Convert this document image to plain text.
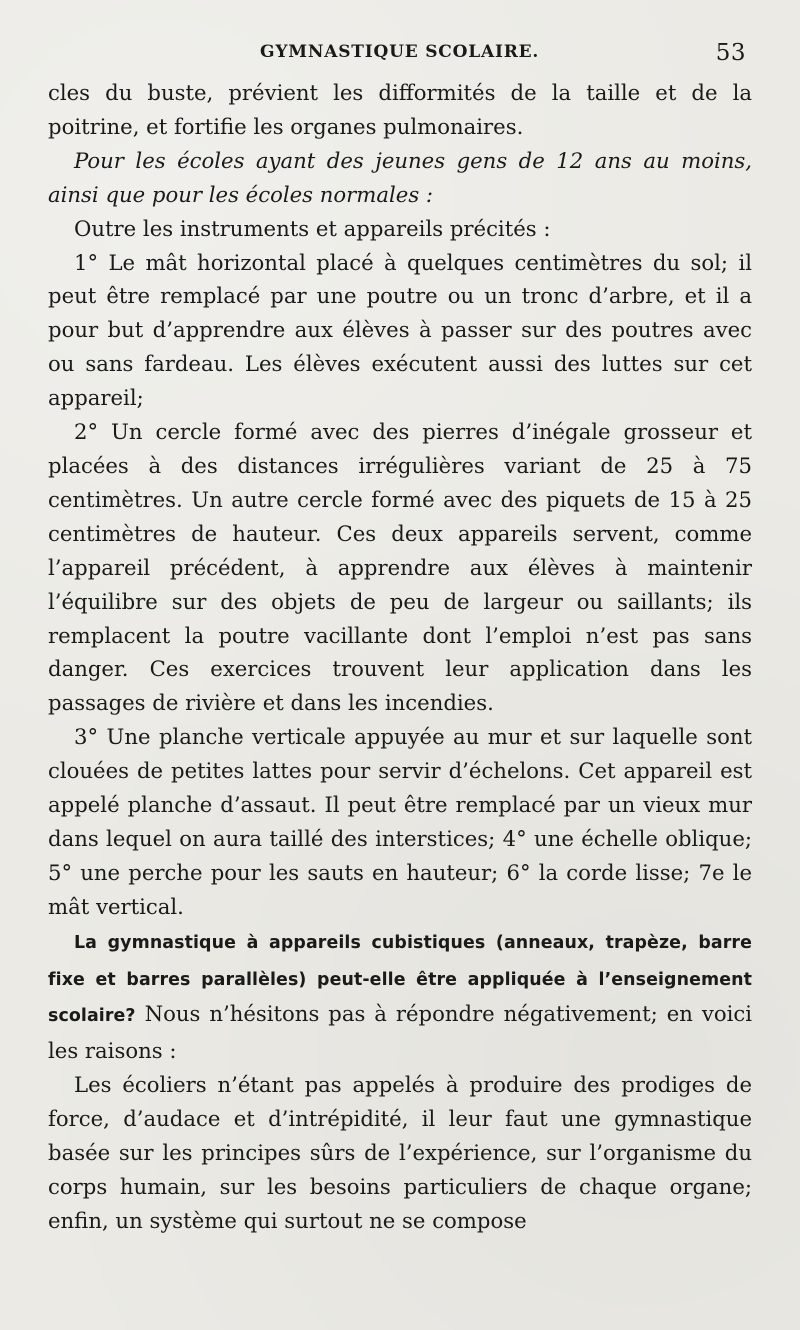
GYMNASTIQUE SCOLAIRE.	53

cles du buste, prévient les difformités de la taille et de la poitrine, et fortifie les organes pulmonaires.

Pour les écoles ayant des jeunes gens de 12 ans au moins, ainsi que pour les écoles normales :

Outre les instruments et appareils précités :

1° Le mât horizontal placé à quelques centimètres du sol; il peut être remplacé par une poutre ou un tronc d’arbre, et il a pour but d’apprendre aux élèves à passer sur des poutres avec ou sans fardeau. Les élèves exécutent aussi des luttes sur cet appareil;

2° Un cercle formé avec des pierres d’inégale grosseur et placées à des distances irrégulières variant de 25 à 75 centimètres. Un autre cercle formé avec des piquets de 15 à 25 centimètres de hauteur. Ces deux appareils servent, comme l’appareil précédent, à apprendre aux élèves à maintenir l’équilibre sur des objets de peu de largeur ou saillants; ils remplacent la poutre vacillante dont l’emploi n’est pas sans danger. Ces exercices trouvent leur application dans les passages de rivière et dans les incendies.

3° Une planche verticale appuyée au mur et sur laquelle sont clouées de petites lattes pour servir d’échelons. Cet appareil est appelé planche d’assaut. Il peut être remplacé par un vieux mur dans lequel on aura taillé des interstices; 4° une échelle oblique; 5° une perche pour les sauts en hauteur; 6° la corde lisse; 7e le mât vertical.

La gymnastique à appareils cubistiques (anneaux, trapèze, barre fixe et barres parallèles) peut-elle être appliquée à l’enseignement scolaire? Nous n’hésitons pas à répondre négativement; en voici les raisons :

Les écoliers n’étant pas appelés à produire des prodiges de force, d’audace et d’intrépidité, il leur faut une gymnastique basée sur les principes sûrs de l’expérience, sur l’organisme du corps humain, sur les besoins particuliers de chaque organe; enfin, un système qui surtout ne se compose
